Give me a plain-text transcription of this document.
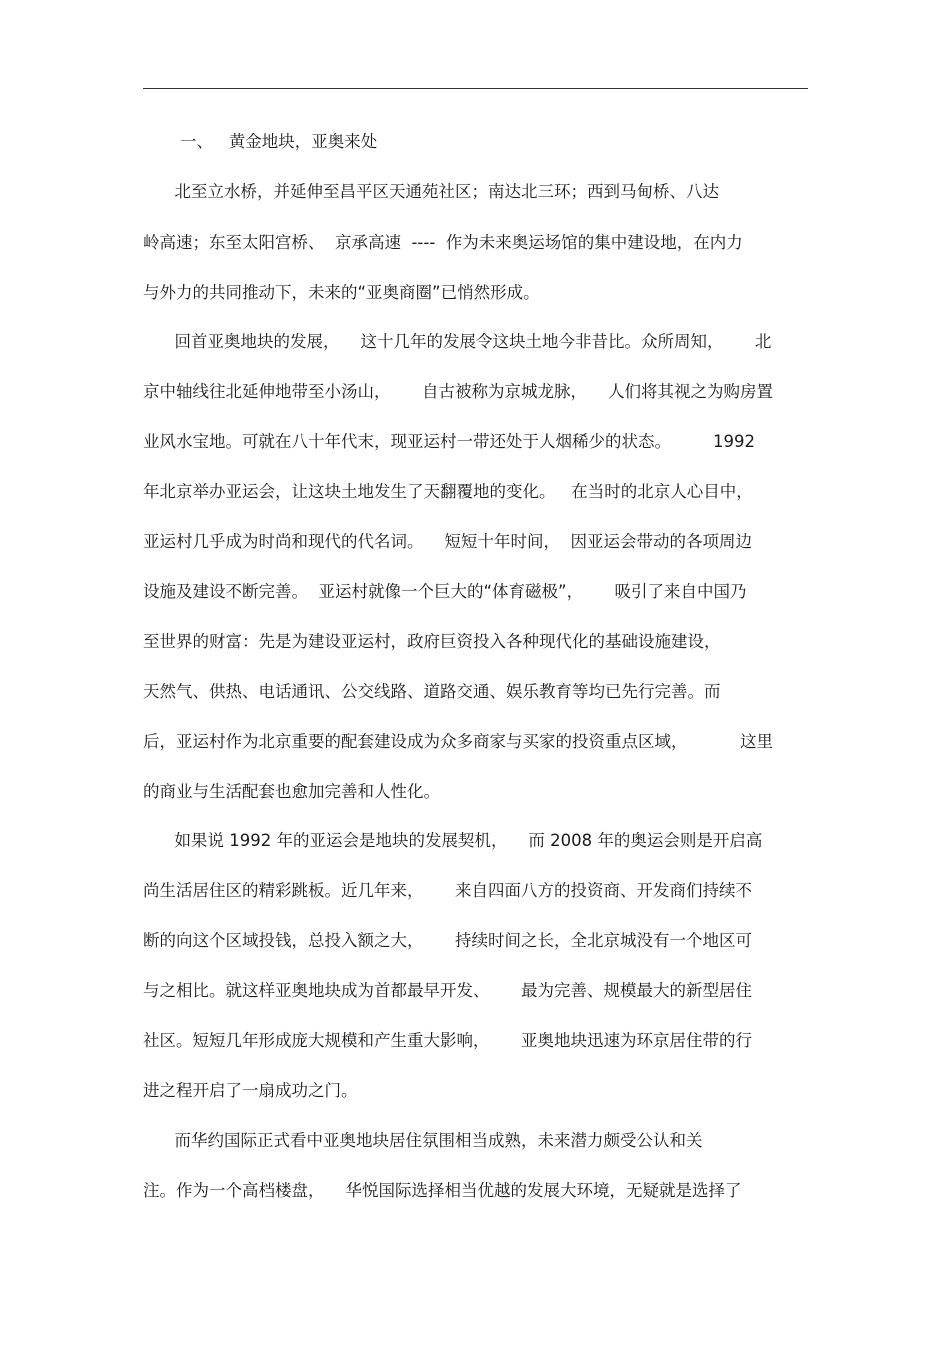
一、   黄金地块，亚奥来处
北至立水桥，并延伸至昌平区天通苑社区；南达北三环；西到马甸桥、八达
岭高速；东至太阳宫桥、  京承高速  ----  作为未来奥运场馆的集中建设地，在内力
与外力的共同推动下，未来的“亚奥商圈”已悄然形成。
回首亚奥地块的发展，    这十几年的发展令这块土地今非昔比。众所周知，      北
京中轴线往北延伸地带至小汤山，      自古被称为京城龙脉，    人们将其视之为购房置
业风水宝地。可就在八十年代末，现亚运村一带还处于人烟稀少的状态。        1992
年北京举办亚运会，让这块土地发生了天翻覆地的变化。   在当时的北京人心目中，
亚运村几乎成为时尚和现代的代名词。    短短十年时间，  因亚运会带动的各项周边
设施及建设不断完善。  亚运村就像一个巨大的“体育磁极”，      吸引了来自中国乃
至世界的财富：先是为建设亚运村，政府巨资投入各种现代化的基础设施建设，
天然气、供热、电话通讯、公交线路、道路交通、娱乐教育等均已先行完善。而
后，亚运村作为北京重要的配套建设成为众多商家与买家的投资重点区域，          这里
的商业与生活配套也愈加完善和人性化。
如果说 1992 年的亚运会是地块的发展契机，    而 2008 年的奥运会则是开启高
尚生活居住区的精彩跳板。近几年来，      来自四面八方的投资商、开发商们持续不
断的向这个区域投钱，总投入额之大，      持续时间之长，全北京城没有一个地区可
与之相比。就这样亚奥地块成为首都最早开发、      最为完善、规模最大的新型居住
社区。短短几年形成庞大规模和产生重大影响，      亚奥地块迅速为环京居住带的行
进之程开启了一扇成功之门。
而华约国际正式看中亚奥地块居住氛围相当成熟，未来潜力颇受公认和关
注。作为一个高档楼盘，    华悦国际选择相当优越的发展大环境，无疑就是选择了
